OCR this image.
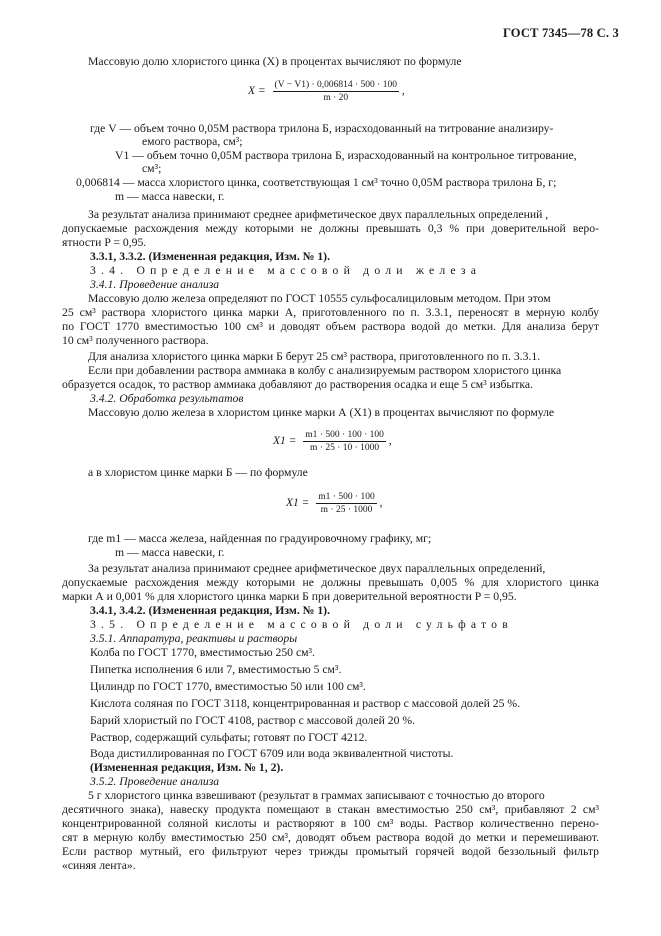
ГОСТ 7345—78 С. 3
Массовую долю хлористого цинка (X) в процентах вычисляют по формуле
$X = \frac{(V - V1) \cdot 0,006814 \cdot 500 \cdot 100}{m \cdot 20}$ ,
где V — объем точно 0,05М раствора трилона Б, израсходованный на титрование анализиру-
емого раствора, см³;
V1 — объем точно 0,05М раствора трилона Б, израсходованный на контрольное титрование,
см³;
0,006814 — масса хлористого цинка, соответствующая 1 см³ точно 0,05М раствора трилона Б, г;
m — масса навески, г.
За результат анализа принимают среднее арифметическое двух параллельных определений ,
допускаемые расхождения между которыми не должны превышать 0,3 % при доверительной веро-
ятности P = 0,95.
3.3.1, 3.3.2. (Измененная редакция, Изм. № 1).
3.4. Определение массовой доли железа
3.4.1. Проведение анализа
Массовую долю железа определяют по ГОСТ 10555 сульфосалициловым методом. При этом
25 см³ раствора хлористого цинка марки А, приготовленного по п. 3.3.1, переносят в мерную колбу
по ГОСТ 1770 вместимостью 100 см³ и доводят объем раствора водой до метки. Для анализа берут
10 см³ полученного раствора.
Для анализа хлористого цинка марки Б берут 25 см³ раствора, приготовленного по п. 3.3.1.
Если при добавлении раствора аммиака в колбу с анализируемым раствором хлористого цинка
образуется осадок, то раствор аммиака добавляют до растворения осадка и еще 5 см³ избытка.
3.4.2. Обработка результатов
Массовую долю железа в хлористом цинке марки А (X1) в процентах вычисляют по формуле
$X1 = \frac{m1 \cdot 500 \cdot 100 \cdot 100}{m \cdot 25 \cdot 10 \cdot 1000}$ ,
а в хлористом цинке марки Б — по формуле
$X1 = \frac{m1 \cdot 500 \cdot 100}{m \cdot 25 \cdot 1000}$ ,
где m1 — масса железа, найденная по градуировочному графику, мг;
m — масса навески, г.
За результат анализа принимают среднее арифметическое двух параллельных определений,
допускаемые расхождения между которыми не должны превышать 0,005 % для хлористого цинка
марки А и 0,001 % для хлористого цинка марки Б при доверительной вероятности P = 0,95.
3.4.1, 3.4.2. (Измененная редакция, Изм. № 1).
3.5. Определение массовой доли сульфатов
3.5.1. Аппаратура, реактивы и растворы
Колба по ГОСТ 1770, вместимостью 250 см³.
Пипетка исполнения 6 или 7, вместимостью 5 см³.
Цилиндр по ГОСТ 1770, вместимостью 50 или 100 см³.
Кислота соляная по ГОСТ 3118, концентрированная и раствор с массовой долей 25 %.
Барий хлористый по ГОСТ 4108, раствор с массовой долей 20 %.
Раствор, содержащий сульфаты; готовят по ГОСТ 4212.
Вода дистиллированная по ГОСТ 6709 или вода эквивалентной чистоты.
(Измененная редакция, Изм. № 1, 2).
3.5.2. Проведение анализа
5 г хлористого цинка взвешивают (результат в граммах записывают с точностью до второго
десятичного знака), навеску продукта помещают в стакан вместимостью 250 см³, прибавляют 2 см³
концентрированной соляной кислоты и растворяют в 100 см³ воды. Раствор количественно перено-
сят в мерную колбу вместимостью 250 см³, доводят объем раствора водой до метки и перемешивают.
Если раствор мутный, его фильтруют через трижды промытый горячей водой беззольный фильтр
«синяя лента».
